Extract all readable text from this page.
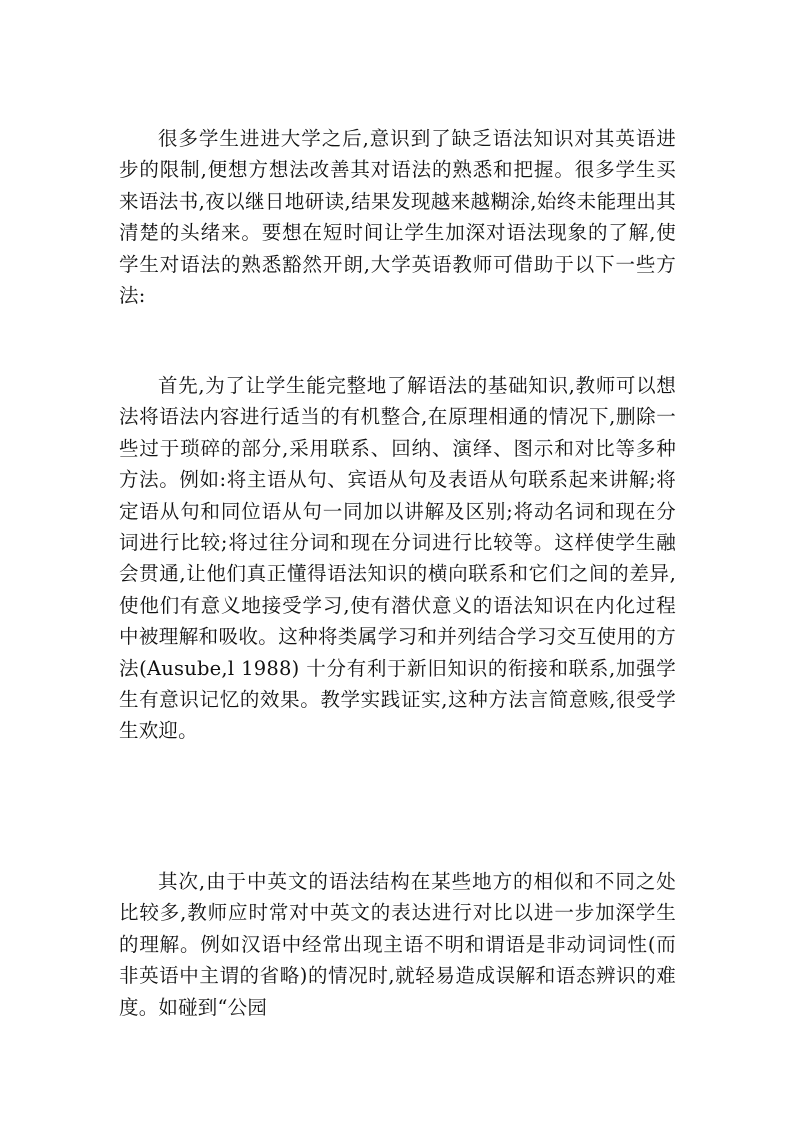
很多学生进进大学之后,意识到了缺乏语法知识对其英语进步的限制,便想方想法改善其对语法的熟悉和把握。很多学生买来语法书,夜以继日地研读,结果发现越来越糊涂,始终未能理出其清楚的头绪来。要想在短时间让学生加深对语法现象的了解,使学生对语法的熟悉豁然开朗,大学英语教师可借助于以下一些方法:

首先,为了让学生能完整地了解语法的基础知识,教师可以想法将语法内容进行适当的有机整合,在原理相通的情况下,删除一些过于琐碎的部分,采用联系、回纳、演绎、图示和对比等多种方法。例如:将主语从句、宾语从句及表语从句联系起来讲解;将定语从句和同位语从句一同加以讲解及区别;将动名词和现在分词进行比较;将过往分词和现在分词进行比较等。这样使学生融会贯通,让他们真正懂得语法知识的横向联系和它们之间的差异,使他们有意义地接受学习,使有潜伏意义的语法知识在内化过程中被理解和吸收。这种将类属学习和并列结合学习交互使用的方法(Ausube,l 1988) 十分有利于新旧知识的衔接和联系,加强学生有意识记忆的效果。教学实践证实,这种方法言简意赅,很受学生欢迎。

其次,由于中英文的语法结构在某些地方的相似和不同之处比较多,教师应时常对中英文的表达进行对比以进一步加深学生的理解。例如汉语中经常出现主语不明和谓语是非动词词性(而非英语中主谓的省略)的情况时,就轻易造成误解和语态辨识的难度。如碰到“公园
